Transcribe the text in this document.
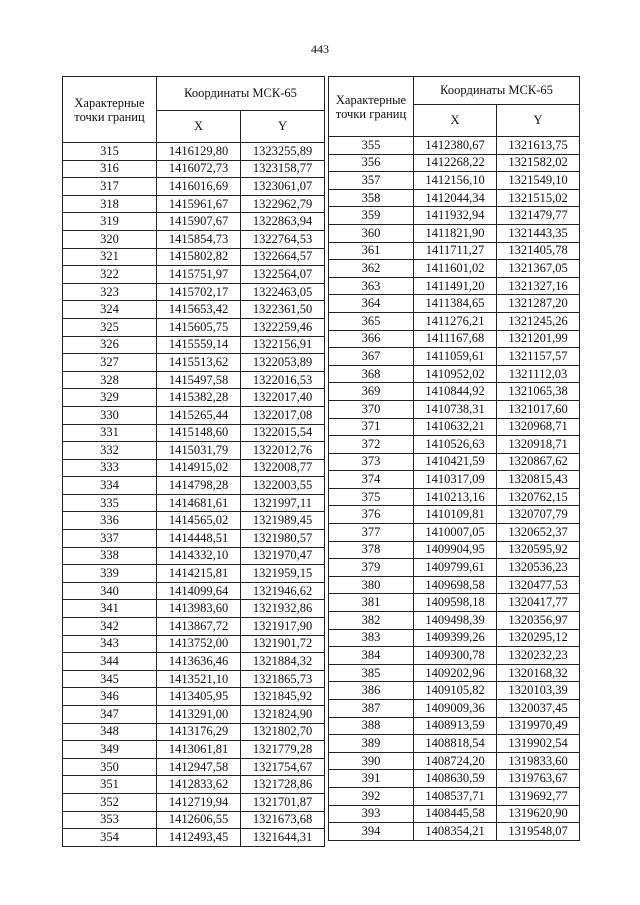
443
Характерные точки границ	Координаты МСК-65	
	X	Y
315	1416129,80	1323255,89
316	1416072,73	1323158,77
317	1416016,69	1323061,07
318	1415961,67	1322962,79
319	1415907,67	1322863,94
320	1415854,73	1322764,53
321	1415802,82	1322664,57
322	1415751,97	1322564,07
323	1415702,17	1322463,05
324	1415653,42	1322361,50
325	1415605,75	1322259,46
326	1415559,14	1322156,91
327	1415513,62	1322053,89
328	1415497,58	1322016,53
329	1415382,28	1322017,40
330	1415265,44	1322017,08
331	1415148,60	1322015,54
332	1415031,79	1322012,76
333	1414915,02	1322008,77
334	1414798,28	1322003,55
335	1414681,61	1321997,11
336	1414565,02	1321989,45
337	1414448,51	1321980,57
338	1414332,10	1321970,47
339	1414215,81	1321959,15
340	1414099,64	1321946,62
341	1413983,60	1321932,86
342	1413867,72	1321917,90
343	1413752,00	1321901,72
344	1413636,46	1321884,32
345	1413521,10	1321865,73
346	1413405,95	1321845,92
347	1413291,00	1321824,90
348	1413176,29	1321802,70
349	1413061,81	1321779,28
350	1412947,58	1321754,67
351	1412833,62	1321728,86
352	1412719,94	1321701,87
353	1412606,55	1321673,68
354	1412493,45	1321644,31
Характерные точки границ	Координаты МСК-65	
	X	Y
355	1412380,67	1321613,75
356	1412268,22	1321582,02
357	1412156,10	1321549,10
358	1412044,34	1321515,02
359	1411932,94	1321479,77
360	1411821,90	1321443,35
361	1411711,27	1321405,78
362	1411601,02	1321367,05
363	1411491,20	1321327,16
364	1411384,65	1321287,20
365	1411276,21	1321245,26
366	1411167,68	1321201,99
367	1411059,61	1321157,57
368	1410952,02	1321112,03
369	1410844,92	1321065,38
370	1410738,31	1321017,60
371	1410632,21	1320968,71
372	1410526,63	1320918,71
373	1410421,59	1320867,62
374	1410317,09	1320815,43
375	1410213,16	1320762,15
376	1410109,81	1320707,79
377	1410007,05	1320652,37
378	1409904,95	1320595,92
379	1409799,61	1320536,23
380	1409698,58	1320477,53
381	1409598,18	1320417,77
382	1409498,39	1320356,97
383	1409399,26	1320295,12
384	1409300,78	1320232,23
385	1409202,96	1320168,32
386	1409105,82	1320103,39
387	1409009,36	1320037,45
388	1408913,59	1319970,49
389	1408818,54	1319902,54
390	1408724,20	1319833,60
391	1408630,59	1319763,67
392	1408537,71	1319692,77
393	1408445,58	1319620,90
394	1408354,21	1319548,07
